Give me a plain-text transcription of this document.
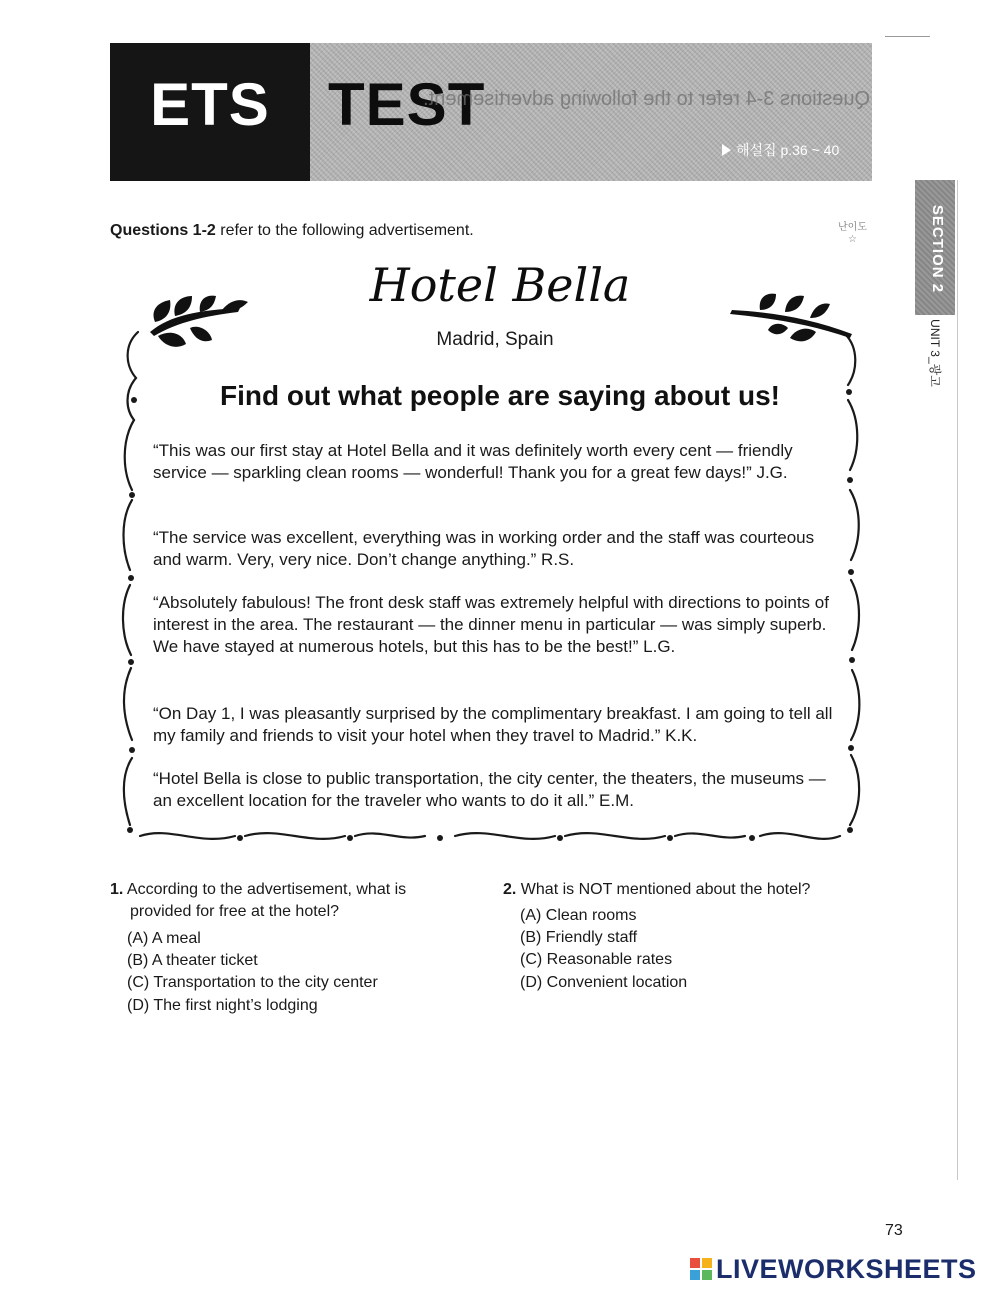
ETS TEST
Questions 3-4 refer to the following advertisement.
해설집 p.36 ~ 40
SECTION 2
UNIT 3_광고
Questions 1-2 refer to the following advertisement.	난이도
☆
Hotel Bella
Madrid, Spain
Find out what people are saying about us!
“This was our first stay at Hotel Bella and it was definitely worth every cent — friendly service — sparkling clean rooms — wonderful! Thank you for a great few days!” J.G.
“The service was excellent, everything was in working order and the staff was courteous and warm. Very, very nice. Don’t change anything.” R.S.
“Absolutely fabulous! The front desk staff was extremely helpful with directions to points of interest in the area. The restaurant — the dinner menu in particular — was simply superb. We have stayed at numerous hotels, but this has to be the best!” L.G.
“On Day 1, I was pleasantly surprised by the complimentary breakfast. I am going to tell all my family and friends to visit your hotel when they travel to Madrid.” K.K.
“Hotel Bella is close to public transportation, the city center, the theaters, the museums — an excellent location for the traveler who wants to do it all.” E.M.
1. According to the advertisement, what is
provided for free at the hotel?
(A) A meal
(B) A theater ticket
(C) Transportation to the city center
(D) The first night’s lodging
2. What is NOT mentioned about the hotel?
(A) Clean rooms
(B) Friendly staff
(C) Reasonable rates
(D) Convenient location
73
LIVEWORKSHEETS
